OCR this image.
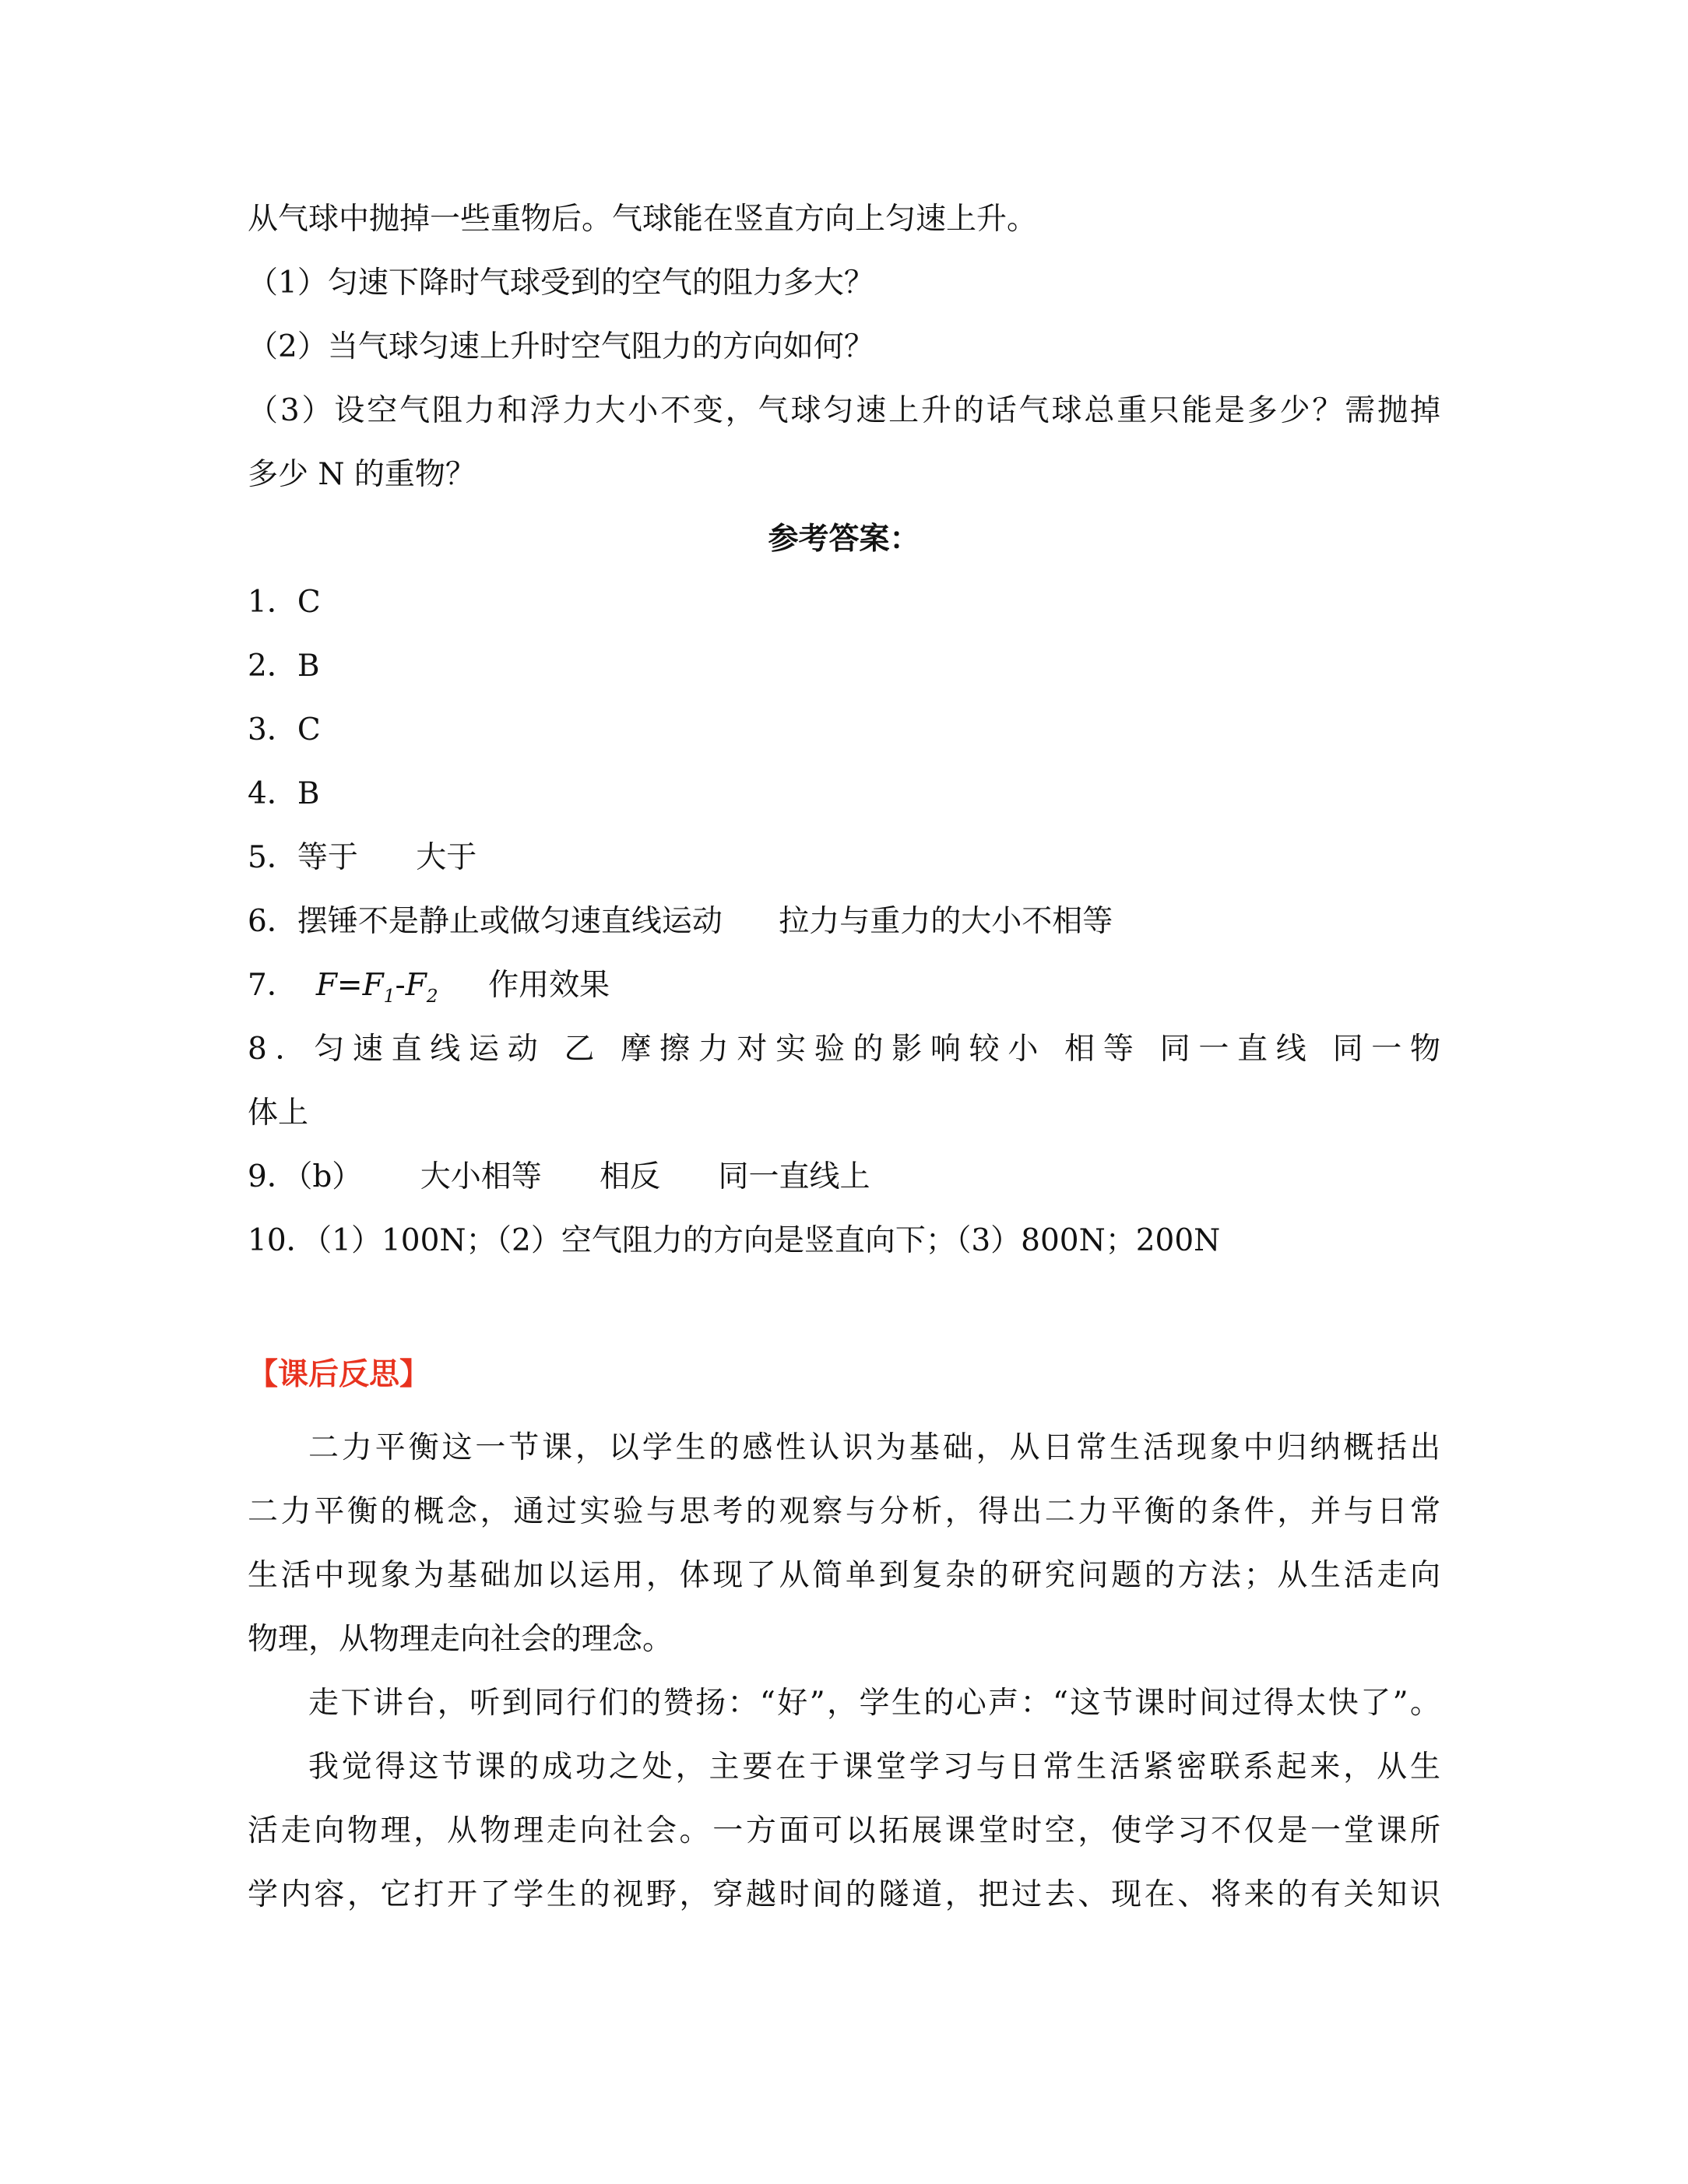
从气球中抛掉一些重物后。气球能在竖直方向上匀速上升。
（1）匀速下降时气球受到的空气的阻力多大？
（2）当气球匀速上升时空气阻力的方向如何？
（3）设空气阻力和浮力大小不变，气球匀速上升的话气球总重只能是多少？需抛掉
多少 N 的重物？
参考答案：
1．C
2．B
3．C
4．B
5．等于 大于
6．摆锤不是静止或做匀速直线运动 拉力与重力的大小不相等
7． $F=F_1-F_2$ 作用效果
8．匀速直线运动 乙 摩擦力对实验的影响较小 相等 同一直线 同一物
体上
9．（b） 大小相等 相反 同一直线上
10．（1）100N；（2）空气阻力的方向是竖直向下；（3）800N；200N
【课后反思】
二力平衡这一节课，以学生的感性认识为基础，从日常生活现象中归纳概括出
二力平衡的概念，通过实验与思考的观察与分析，得出二力平衡的条件，并与日常
生活中现象为基础加以运用，体现了从简单到复杂的研究问题的方法；从生活走向
物理，从物理走向社会的理念。
走下讲台，听到同行们的赞扬：“好”，学生的心声：“这节课时间过得太快了”。
我觉得这节课的成功之处，主要在于课堂学习与日常生活紧密联系起来，从生
活走向物理，从物理走向社会。一方面可以拓展课堂时空，使学习不仅是一堂课所
学内容，它打开了学生的视野，穿越时间的隧道，把过去、现在、将来的有关知识
